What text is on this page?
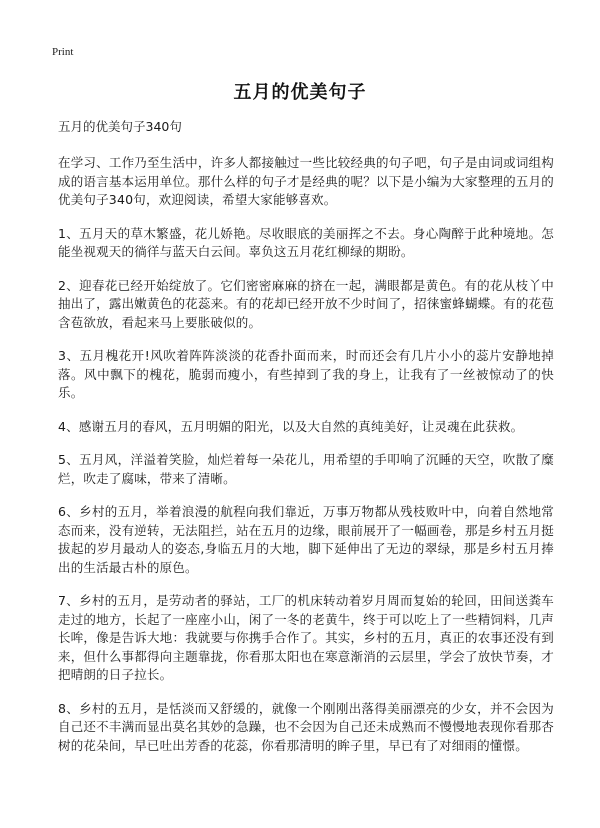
Print
五月的优美句子

五月的优美句子340句

在学习、工作乃至生活中，许多人都接触过一些比较经典的句子吧，句子是由词或词组构成的语言基本运用单位。那什么样的句子才是经典的呢？以下是小编为大家整理的五月的优美句子340句，欢迎阅读，希望大家能够喜欢。

1、五月天的草木繁盛，花儿娇艳。尽收眼底的美丽挥之不去。身心陶醉于此种境地。怎能坐视观天的徜徉与蓝天白云间。辜负这五月花红柳绿的期盼。

2、迎春花已经开始绽放了。它们密密麻麻的挤在一起，满眼都是黄色。有的花从枝丫中抽出了，露出嫩黄色的花蕊来。有的花却已经开放不少时间了，招徕蜜蜂蝴蝶。有的花苞含苞欲放，看起来马上要胀破似的。

3、五月槐花开!风吹着阵阵淡淡的花香扑面而来，时而还会有几片小小的蕊片安静地掉落。风中飘下的槐花，脆弱而瘦小，有些掉到了我的身上，让我有了一丝被惊动了的快乐。

4、感谢五月的春风，五月明媚的阳光，以及大自然的真纯美好，让灵魂在此获救。

5、五月风，洋溢着笑脸，灿烂着每一朵花儿，用希望的手叩响了沉睡的天空，吹散了糜烂，吹走了腐味，带来了清晰。

6、乡村的五月，举着浪漫的航程向我们靠近，万事万物都从残枝败叶中，向着自然地常态而来，没有逆转，无法阻拦，站在五月的边缘，眼前展开了一幅画卷，那是乡村五月挺拔起的岁月最动人的姿态,身临五月的大地，脚下延伸出了无边的翠绿，那是乡村五月捧出的生活最古朴的原色。

7、乡村的五月，是劳动者的驿站，工厂的机床转动着岁月周而复始的轮回，田间送粪车走过的地方，长起了一座座小山，闲了一冬的老黄牛，终于可以吃上了一些精饲料，几声长哞，像是告诉大地：我就要与你携手合作了。其实，乡村的五月，真正的农事还没有到来，但什么事都得向主题靠拢，你看那太阳也在寒意渐消的云层里，学会了放快节奏，才把晴朗的日子拉长。

8、乡村的五月，是恬淡而又舒缓的，就像一个刚刚出落得美丽漂亮的少女，并不会因为自己还不丰满而显出莫名其妙的急躁，也不会因为自己还未成熟而不慢慢地表现你看那杏树的花朵间，早已吐出芳香的花蕊，你看那清明的眸子里，早已有了对细雨的懂憬。
